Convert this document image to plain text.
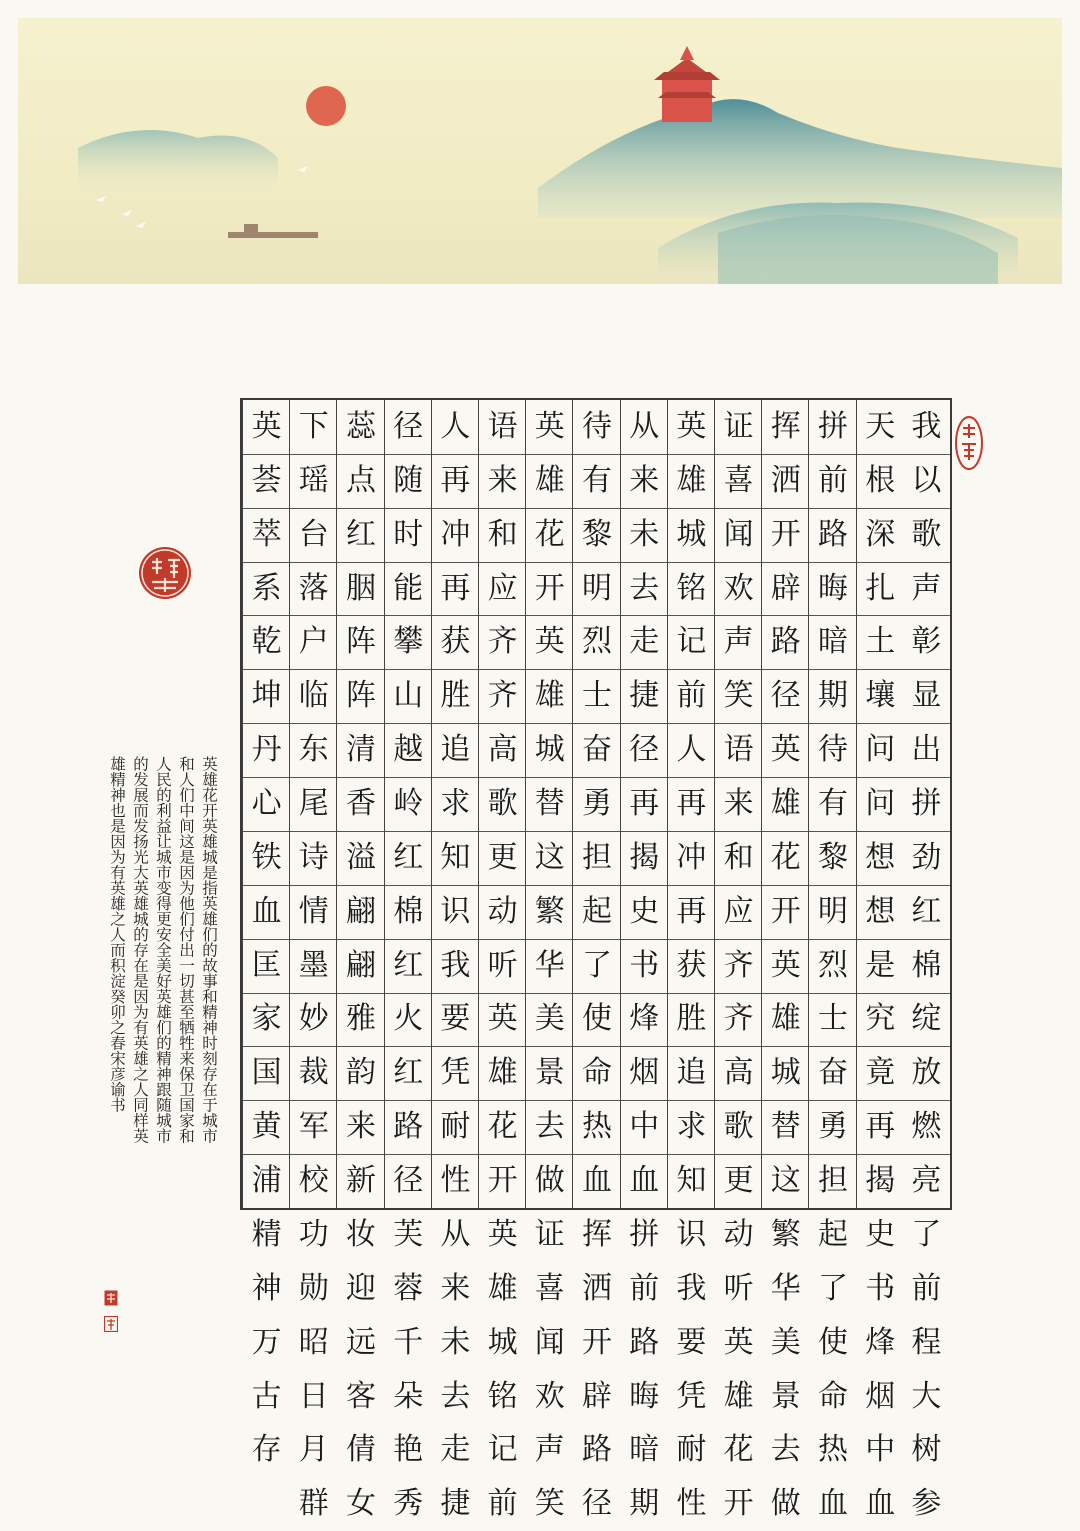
我
以
歌
声
彰
显
出
拼
劲
红
棉
绽
放
燃
亮
了
前
程
大
树
参
天
根
深
扎
土
壤
问
问
想
想
是
究
竟
再
揭
史
书
烽
烟
中
血
拼
前
路
晦
暗
期
待
有
黎
明
烈
士
奋
勇
担
起
了
使
命
热
血
挥
洒
开
辟
路
径
英
雄
花
开
英
雄
城
替
这
繁
华
美
景
去
做
证
喜
闻
欢
声
笑
语
来
和
应
齐
齐
高
歌
更
动
听
英
雄
花
开
英
雄
城
铭
记
前
人
再
冲
再
获
胜
追
求
知
识
我
要
凭
耐
性
从
来
未
去
走
捷
径
再
揭
史
书
烽
烟
中
血
拼
前
路
晦
暗
期
待
有
黎
明
烈
士
奋
勇
担
起
了
使
命
热
血
挥
洒
开
辟
路
径
英
雄
花
开
英
雄
城
替
这
繁
华
美
景
去
做
证
喜
闻
欢
声
笑
语
来
和
应
齐
齐
高
歌
更
动
听
英
雄
花
开
英
雄
城
铭
记
前
人
再
冲
再
获
胜
追
求
知
识
我
要
凭
耐
性
从
来
未
去
走
捷
径
随
时
能
攀
山
越
岭
红
棉
红
火
红
路
径
芙
蓉
千
朵
艳
秀
蕊
点
红
胭
阵
阵
清
香
溢
翩
翩
雅
韵
来
新
妆
迎
远
客
倩
女
下
瑶
台
落
户
临
东
尾
诗
情
墨
妙
裁
军
校
功
勋
昭
日
月
群
英
荟
萃
系
乾
坤
丹
心
铁
血
匡
家
国
黄
浦
精
神
万
古
存
英雄花开英雄城是指英雄们的故事和精神时刻存在于城市
和人们中间这是因为他们付出一切甚至牺牲来保卫国家和
人民的利益让城市变得更安全美好英雄们的精神跟随城市
的发展而发扬光大英雄城的存在是因为有英雄之人同样英
雄精神也是因为有英雄之人而积淀癸卯之春宋彦谕书
